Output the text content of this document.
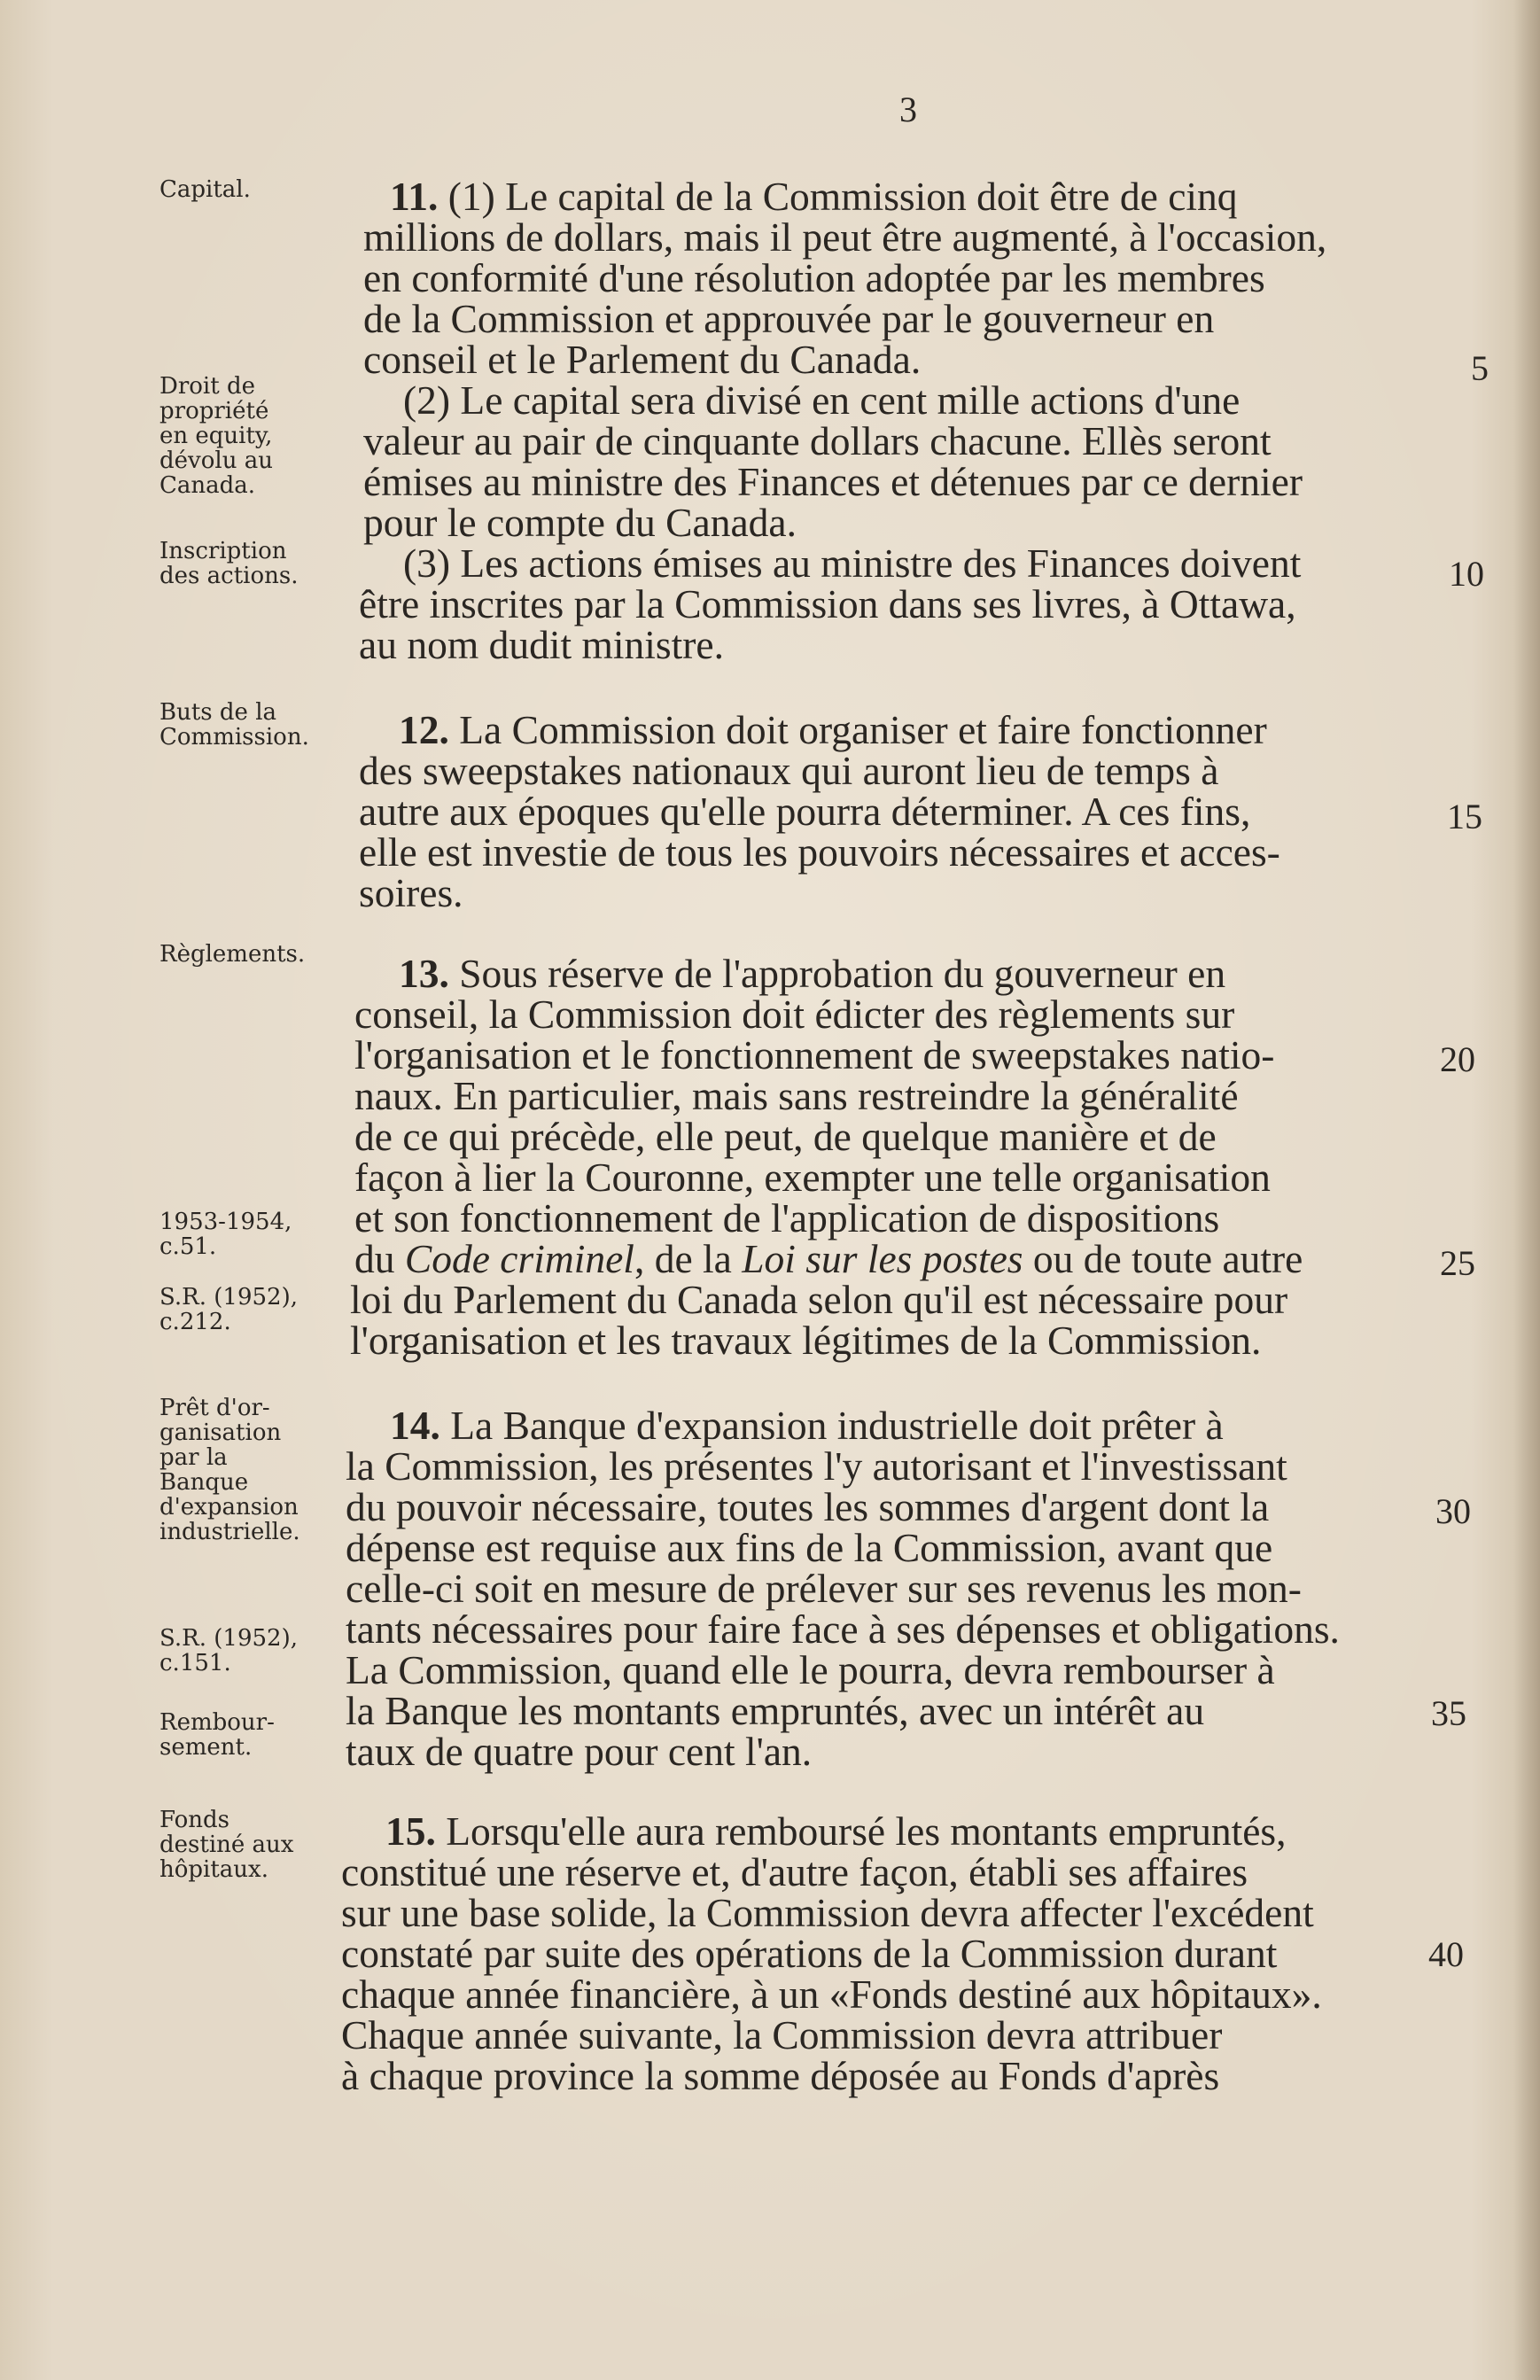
3
Capital.
Droit de
propriété
en equity,
dévolu au
Canada.
Inscription
des actions.
Buts de la
Commission.
Règlements.
1953-1954,
c.51.
S.R. (1952),
c.212.
Prêt d'or-
ganisation
par la
Banque
d'expansion
industrielle.
S.R. (1952),
c.151.
Rembour-
sement.
Fonds
destiné aux
hôpitaux.
11. (1) Le capital de la Commission doit être de cinq
millions de dollars, mais il peut être augmenté, à l'occasion,
en conformité d'une résolution adoptée par les membres
de la Commission et approuvée par le gouverneur en
conseil et le Parlement du Canada.
(2) Le capital sera divisé en cent mille actions d'une
valeur au pair de cinquante dollars chacune. Ellès seront
émises au ministre des Finances et détenues par ce dernier
pour le compte du Canada.
(3) Les actions émises au ministre des Finances doivent
être inscrites par la Commission dans ses livres, à Ottawa,
au nom dudit ministre.
12. La Commission doit organiser et faire fonctionner
des sweepstakes nationaux qui auront lieu de temps à
autre aux époques qu'elle pourra déterminer. A ces fins,
elle est investie de tous les pouvoirs nécessaires et acces-
soires.
13. Sous réserve de l'approbation du gouverneur en
conseil, la Commission doit édicter des règlements sur
l'organisation et le fonctionnement de sweepstakes natio-
naux. En particulier, mais sans restreindre la généralité
de ce qui précède, elle peut, de quelque manière et de
façon à lier la Couronne, exempter une telle organisation
et son fonctionnement de l'application de dispositions
du Code criminel, de la Loi sur les postes ou de toute autre
loi du Parlement du Canada selon qu'il est nécessaire pour
l'organisation et les travaux légitimes de la Commission.
14. La Banque d'expansion industrielle doit prêter à
la Commission, les présentes l'y autorisant et l'investissant
du pouvoir nécessaire, toutes les sommes d'argent dont la
dépense est requise aux fins de la Commission, avant que
celle-ci soit en mesure de prélever sur ses revenus les mon-
tants nécessaires pour faire face à ses dépenses et obligations.
La Commission, quand elle le pourra, devra rembourser à
la Banque les montants empruntés, avec un intérêt au
taux de quatre pour cent l'an.
15. Lorsqu'elle aura remboursé les montants empruntés,
constitué une réserve et, d'autre façon, établi ses affaires
sur une base solide, la Commission devra affecter l'excédent
constaté par suite des opérations de la Commission durant
chaque année financière, à un «Fonds destiné aux hôpitaux».
Chaque année suivante, la Commission devra attribuer
à chaque province la somme déposée au Fonds d'après
5
10
15
20
25
30
35
40
